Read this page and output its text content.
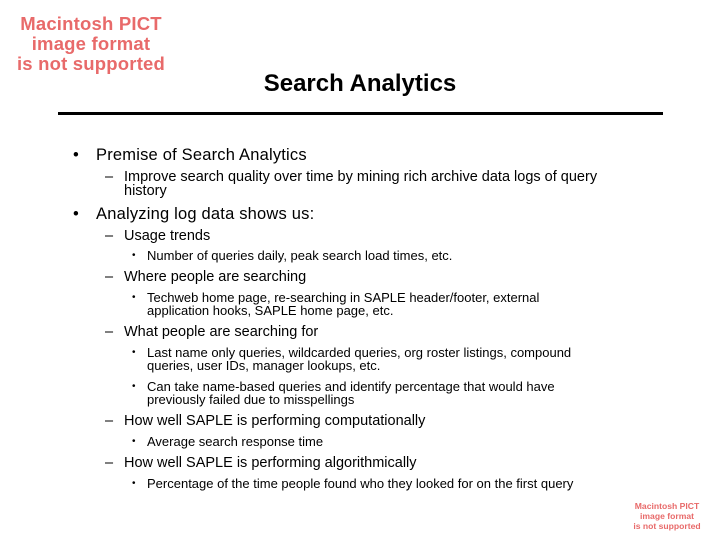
Macintosh PICT
image format
is not supported
Macintosh PICT
image format
is not supported
Search Analytics
• Premise of Search Analytics
– Improve search quality over time by mining rich archive data logs of query
history
• Analyzing log data shows us:
– Usage trends
• Number of queries daily, peak search load times, etc.
– Where people are searching
• Techweb home page, re-searching in SAPLE header/footer, external
application hooks, SAPLE home page, etc.
– What people are searching for
• Last name only queries, wildcarded queries, org roster listings, compound
queries, user IDs, manager lookups, etc.
• Can take name-based queries and identify percentage that would have
previously failed due to misspellings
– How well SAPLE is performing computationally
• Average search response time
– How well SAPLE is performing algorithmically
• Percentage of the time people found who they looked for on the first query
